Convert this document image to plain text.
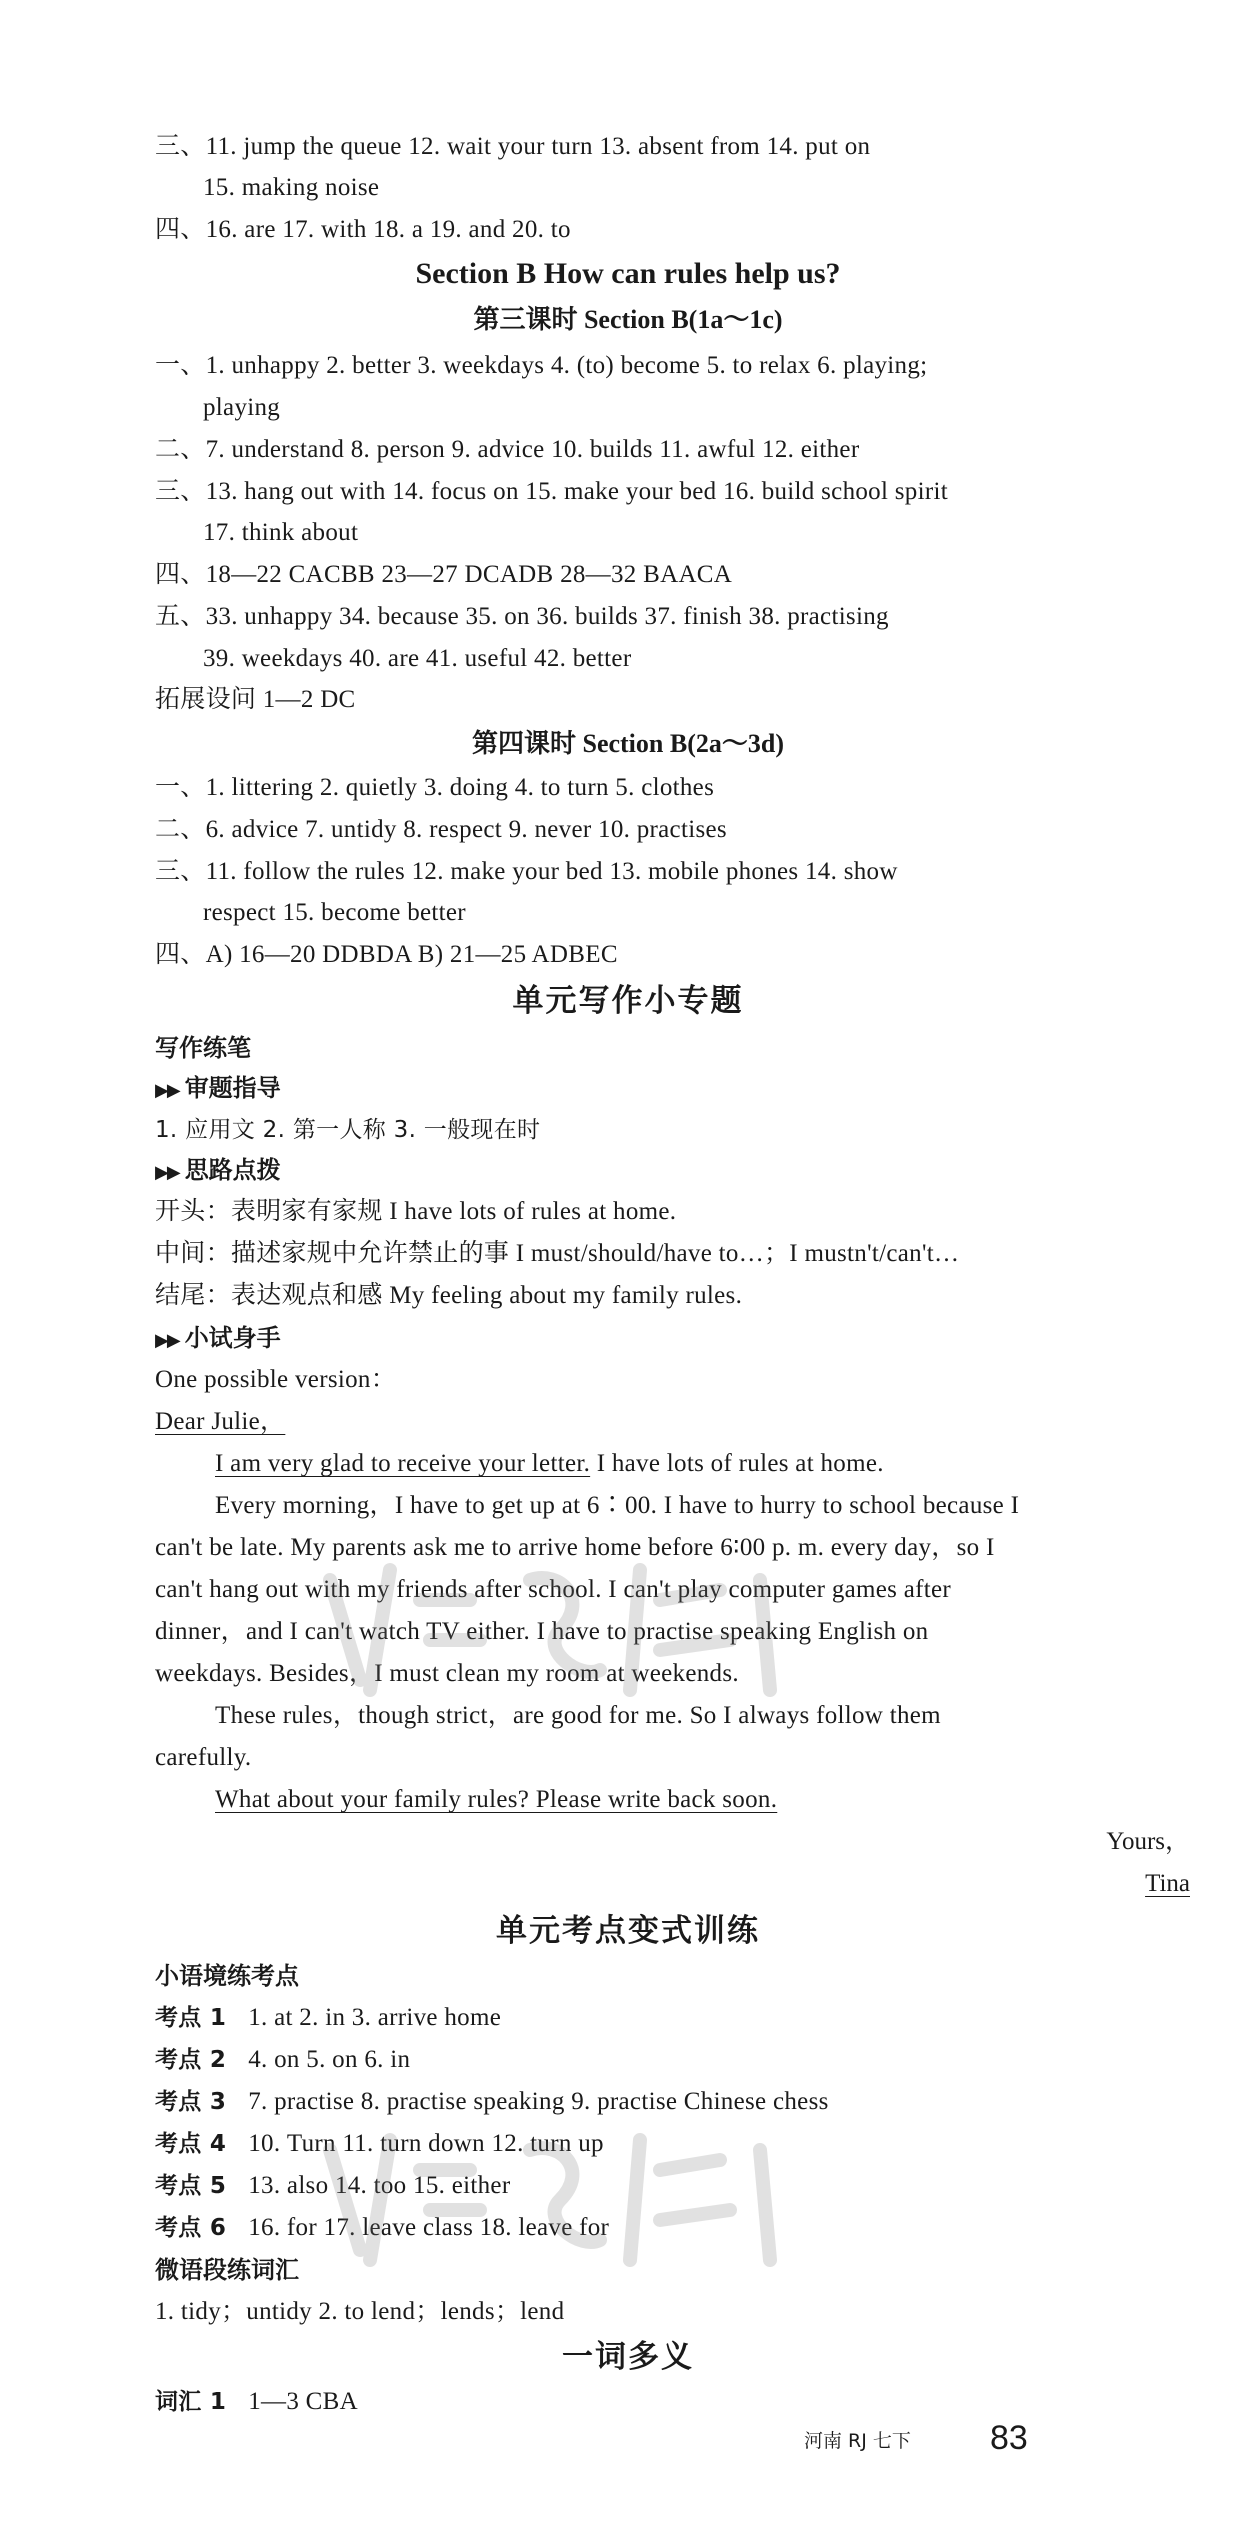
三、11. jump the queue 12. wait your turn 13. absent from 14. put on
15. making noise
四、16. are 17. with 18. a 19. and 20. to
Section B How can rules help us?
第三课时 Section B(1a～1c)
一、1. unhappy 2. better 3. weekdays 4. (to) become 5. to relax 6. playing;
playing
二、7. understand 8. person 9. advice 10. builds 11. awful 12. either
三、13. hang out with 14. focus on 15. make your bed 16. build school spirit
17. think about
四、18—22 CACBB 23—27 DCADB 28—32 BAACA
五、33. unhappy 34. because 35. on 36. builds 37. finish 38. practising
39. weekdays 40. are 41. useful 42. better
拓展设问 1—2 DC
第四课时 Section B(2a～3d)
一、1. littering 2. quietly 3. doing 4. to turn 5. clothes
二、6. advice 7. untidy 8. respect 9. never 10. practises
三、11. follow the rules 12. make your bed 13. mobile phones 14. show
respect 15. become better
四、A) 16—20 DDBDA B) 21—25 ADBEC
单元写作小专题
写作练笔
▶▶ 审题指导
1. 应用文 2. 第一人称 3. 一般现在时
▶▶ 思路点拨
开头：表明家有家规 I have lots of rules at home.
中间：描述家规中允许禁止的事 I must/should/have to…；I mustn't/can't…
结尾：表达观点和感 My feeling about my family rules.
▶▶ 小试身手
One possible version：
Dear Julie，
I am very glad to receive your letter. I have lots of rules at home.
Every morning，I have to get up at 6∶00. I have to hurry to school because I
can't be late. My parents ask me to arrive home before 6∶00 p. m. every day，so I
can't hang out with my friends after school. I can't play computer games after
dinner，and I can't watch TV either. I have to practise speaking English on
weekdays. Besides，I must clean my room at weekends.
These rules，though strict，are good for me. So I always follow them
carefully.
What about your family rules? Please write back soon.
Yours，
Tina
单元考点变式训练
小语境练考点
考点 1 1. at 2. in 3. arrive home
考点 2 4. on 5. on 6. in
考点 3 7. practise 8. practise speaking 9. practise Chinese chess
考点 4 10. Turn 11. turn down 12. turn up
考点 5 13. also 14. too 15. either
考点 6 16. for 17. leave class 18. leave for
微语段练词汇
1. tidy；untidy 2. to lend；lends；lend
一词多义
词汇 1 1—3 CBA
河南 RJ 七下 83
